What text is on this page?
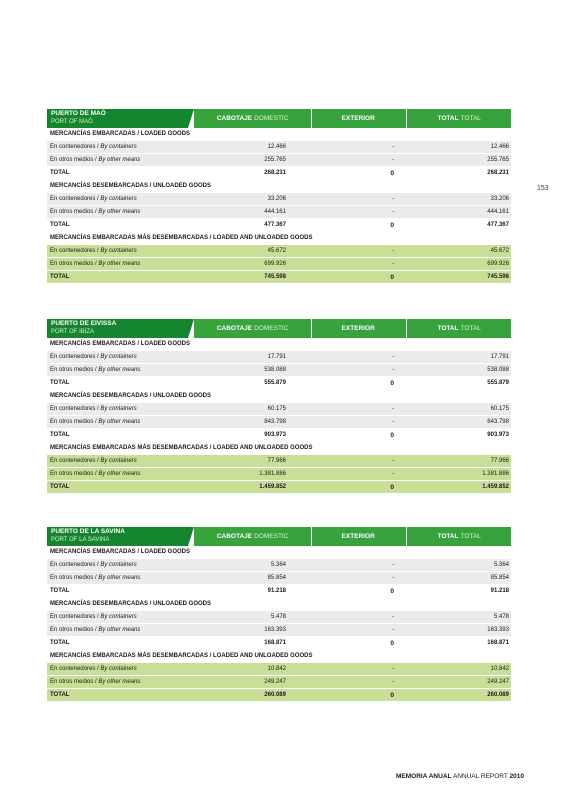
153
PUERTO DE MAÓ
PORT OF MAÓ	CABOTAJE DOMESTIC	EXTERIOR	TOTAL TOTAL
MERCANCÍAS EMBARCADAS / LOADED GOODS
En contenedores / By containers	12.466	-	12.466
En otros medios / By other means	255.765	-	255.765
TOTAL	268.231	0	268.231
MERCANCÍAS DESEMBARCADAS / UNLOADED GOODS
En contenedores / By containers	33.206	-	33.206
En otros medios / By other means	444.161	-	444.161
TOTAL	477.367	0	477.367
MERCANCÍAS EMBARCADAS MÁS DESEMBARCADAS / LOADED AND UNLOADED GOODS
En contenedores / By containers	45.672	-	45.672
En otros medios / By other means	699.926	-	699.926
TOTAL	745.598	0	745.598
PUERTO DE EIVISSA
PORT OF IBIZA	CABOTAJE DOMESTIC	EXTERIOR	TOTAL TOTAL
MERCANCÍAS EMBARCADAS / LOADED GOODS
En contenedores / By containers	17.791	-	17.791
En otros medios / By other means	538.088	-	538.088
TOTAL	555.879	0	555.879
MERCANCÍAS DESEMBARCADAS / UNLOADED GOODS
En contenedores / By containers	60.175	-	60.175
En otros medios / By other means	843.798	-	843.798
TOTAL	903.973	0	903.973
MERCANCÍAS EMBARCADAS MÁS DESEMBARCADAS / LOADED AND UNLOADED GOODS
En contenedores / By containers	77.966	-	77.966
En otros medios / By other means	1.381.886	-	1.381.886
TOTAL	1.459.852	0	1.459.852
PUERTO DE LA SAVINA
PORT OF LA SAVINA	CABOTAJE DOMESTIC	EXTERIOR	TOTAL TOTAL
MERCANCÍAS EMBARCADAS / LOADED GOODS
En contenedores / By containers	5.364	-	5.364
En otros medios / By other means	85.854	-	85.854
TOTAL	91.218	0	91.218
MERCANCÍAS DESEMBARCADAS / UNLOADED GOODS
En contenedores / By containers	5.478	-	5.478
En otros medios / By other means	163.393	-	163.393
TOTAL	168.871	0	168.871
MERCANCÍAS EMBARCADAS MÁS DESEMBARCADAS / LOADED AND UNLOADED GOODS
En contenedores / By containers	10.842	-	10.842
En otros medios / By other means	249.247	-	249.247
TOTAL	260.089	0	260.089
MEMORIA ANUAL ANNUAL REPORT 2010
